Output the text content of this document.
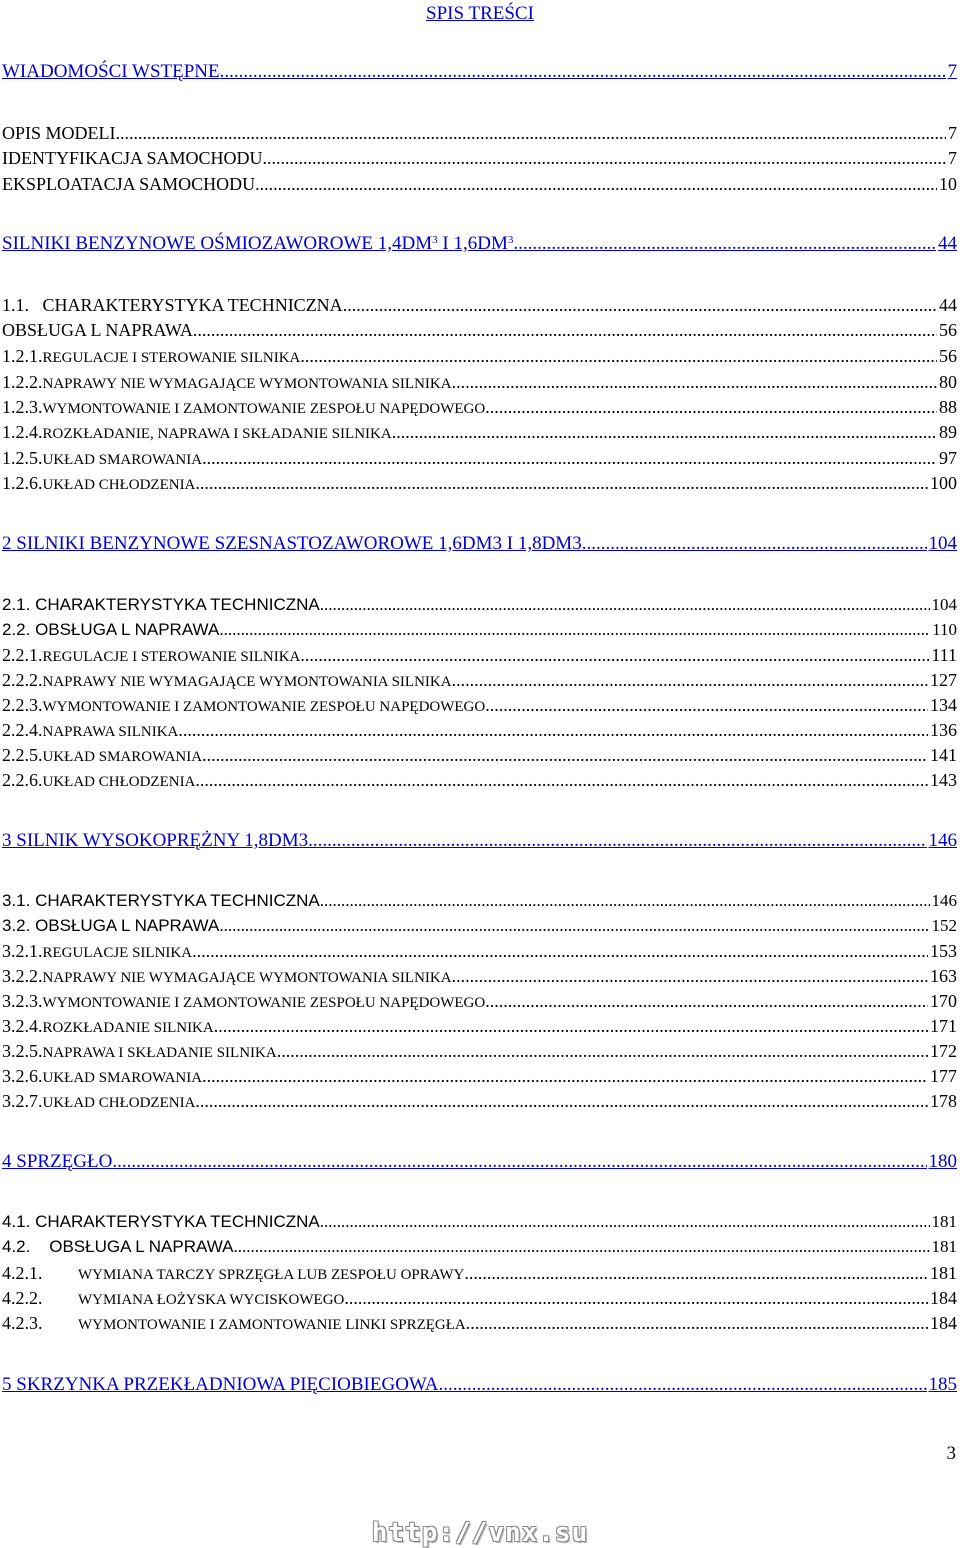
SPIS TREŚCI
WIADOMOŚCI WSTĘPNE .....	7
OPIS MODELI .....	7
IDENTYFIKACJA SAMOCHODU .....	7
EKSPLOATACJA SAMOCHODU .....	10
SILNIKI BENZYNOWE OŚMIOZAWOROWE $1,4DM^3$ I $1,6DM^3$ .....	44
1.1.   CHARAKTERYSTYKA TECHNICZNA .....	44
OBSŁUGA L NAPRAWA .....	56
1.2.1. REGULACJE I STEROWANIE SILNIKA .....	56
1.2.2. NAPRAWY NIE WYMAGAJĄCE WYMONTOWANIA SILNIKA .....	80
1.2.3. WYMONTOWANIE I ZAMONTOWANIE ZESPOŁU NAPĘDOWEGO .....	88
1.2.4. ROZKŁADANIE, NAPRAWA I SKŁADANIE SILNIKA .....	89
1.2.5. UKŁAD SMAROWANIA .....	97
1.2.6. UKŁAD CHŁODZENIA .....	100
2 SILNIKI BENZYNOWE SZESNASTOZAWOROWE 1,6DM3 I 1,8DM3 .....	104
2.1. CHARAKTERYSTYKA TECHNICZNA .....	104
2.2. OBSŁUGA L NAPRAWA .....	110
2.2.1. REGULACJE I STEROWANIE SILNIKA .....	111
2.2.2. NAPRAWY NIE WYMAGAJĄCE WYMONTOWANIA SILNIKA .....	127
2.2.3. WYMONTOWANIE I ZAMONTOWANIE ZESPOŁU NAPĘDOWEGO .....	134
2.2.4. NAPRAWA SILNIKA .....	136
2.2.5. UKŁAD SMAROWANIA .....	141
2.2.6. UKŁAD CHŁODZENIA .....	143
3 SILNIK WYSOKOPRĘŻNY 1,8DM3 .....	146
3.1. CHARAKTERYSTYKA TECHNICZNA .....	146
3.2. OBSŁUGA L NAPRAWA .....	152
3.2.1. REGULACJE SILNIKA .....	153
3.2.2. NAPRAWY NIE WYMAGAJĄCE WYMONTOWANIA SILNIKA .....	163
3.2.3. WYMONTOWANIE I ZAMONTOWANIE ZESPOŁU NAPĘDOWEGO .....	170
3.2.4. ROZKŁADANIE SILNIKA .....	171
3.2.5. NAPRAWA I SKŁADANIE SILNIKA .....	172
3.2.6. UKŁAD SMAROWANIA .....	177
3.2.7. UKŁAD CHŁODZENIA .....	178
4 SPRZĘGŁO .....	180
4.1. CHARAKTERYSTYKA TECHNICZNA .....	181
4.2.    OBSŁUGA L NAPRAWA .....	181
4.2.1.	WYMIANA TARCZY SPRZĘGŁA LUB ZESPOŁU OPRAWY .....	181
4.2.2.	WYMIANA ŁOŻYSKA WYCISKOWEGO .....	184
4.2.3.	WYMONTOWANIE I ZAMONTOWANIE LINKI SPRZĘGŁA .....	184
5 SKRZYNKA PRZEKŁADNIOWA PIĘCIOBIEGOWA .....	185
3
http://vnx.su
